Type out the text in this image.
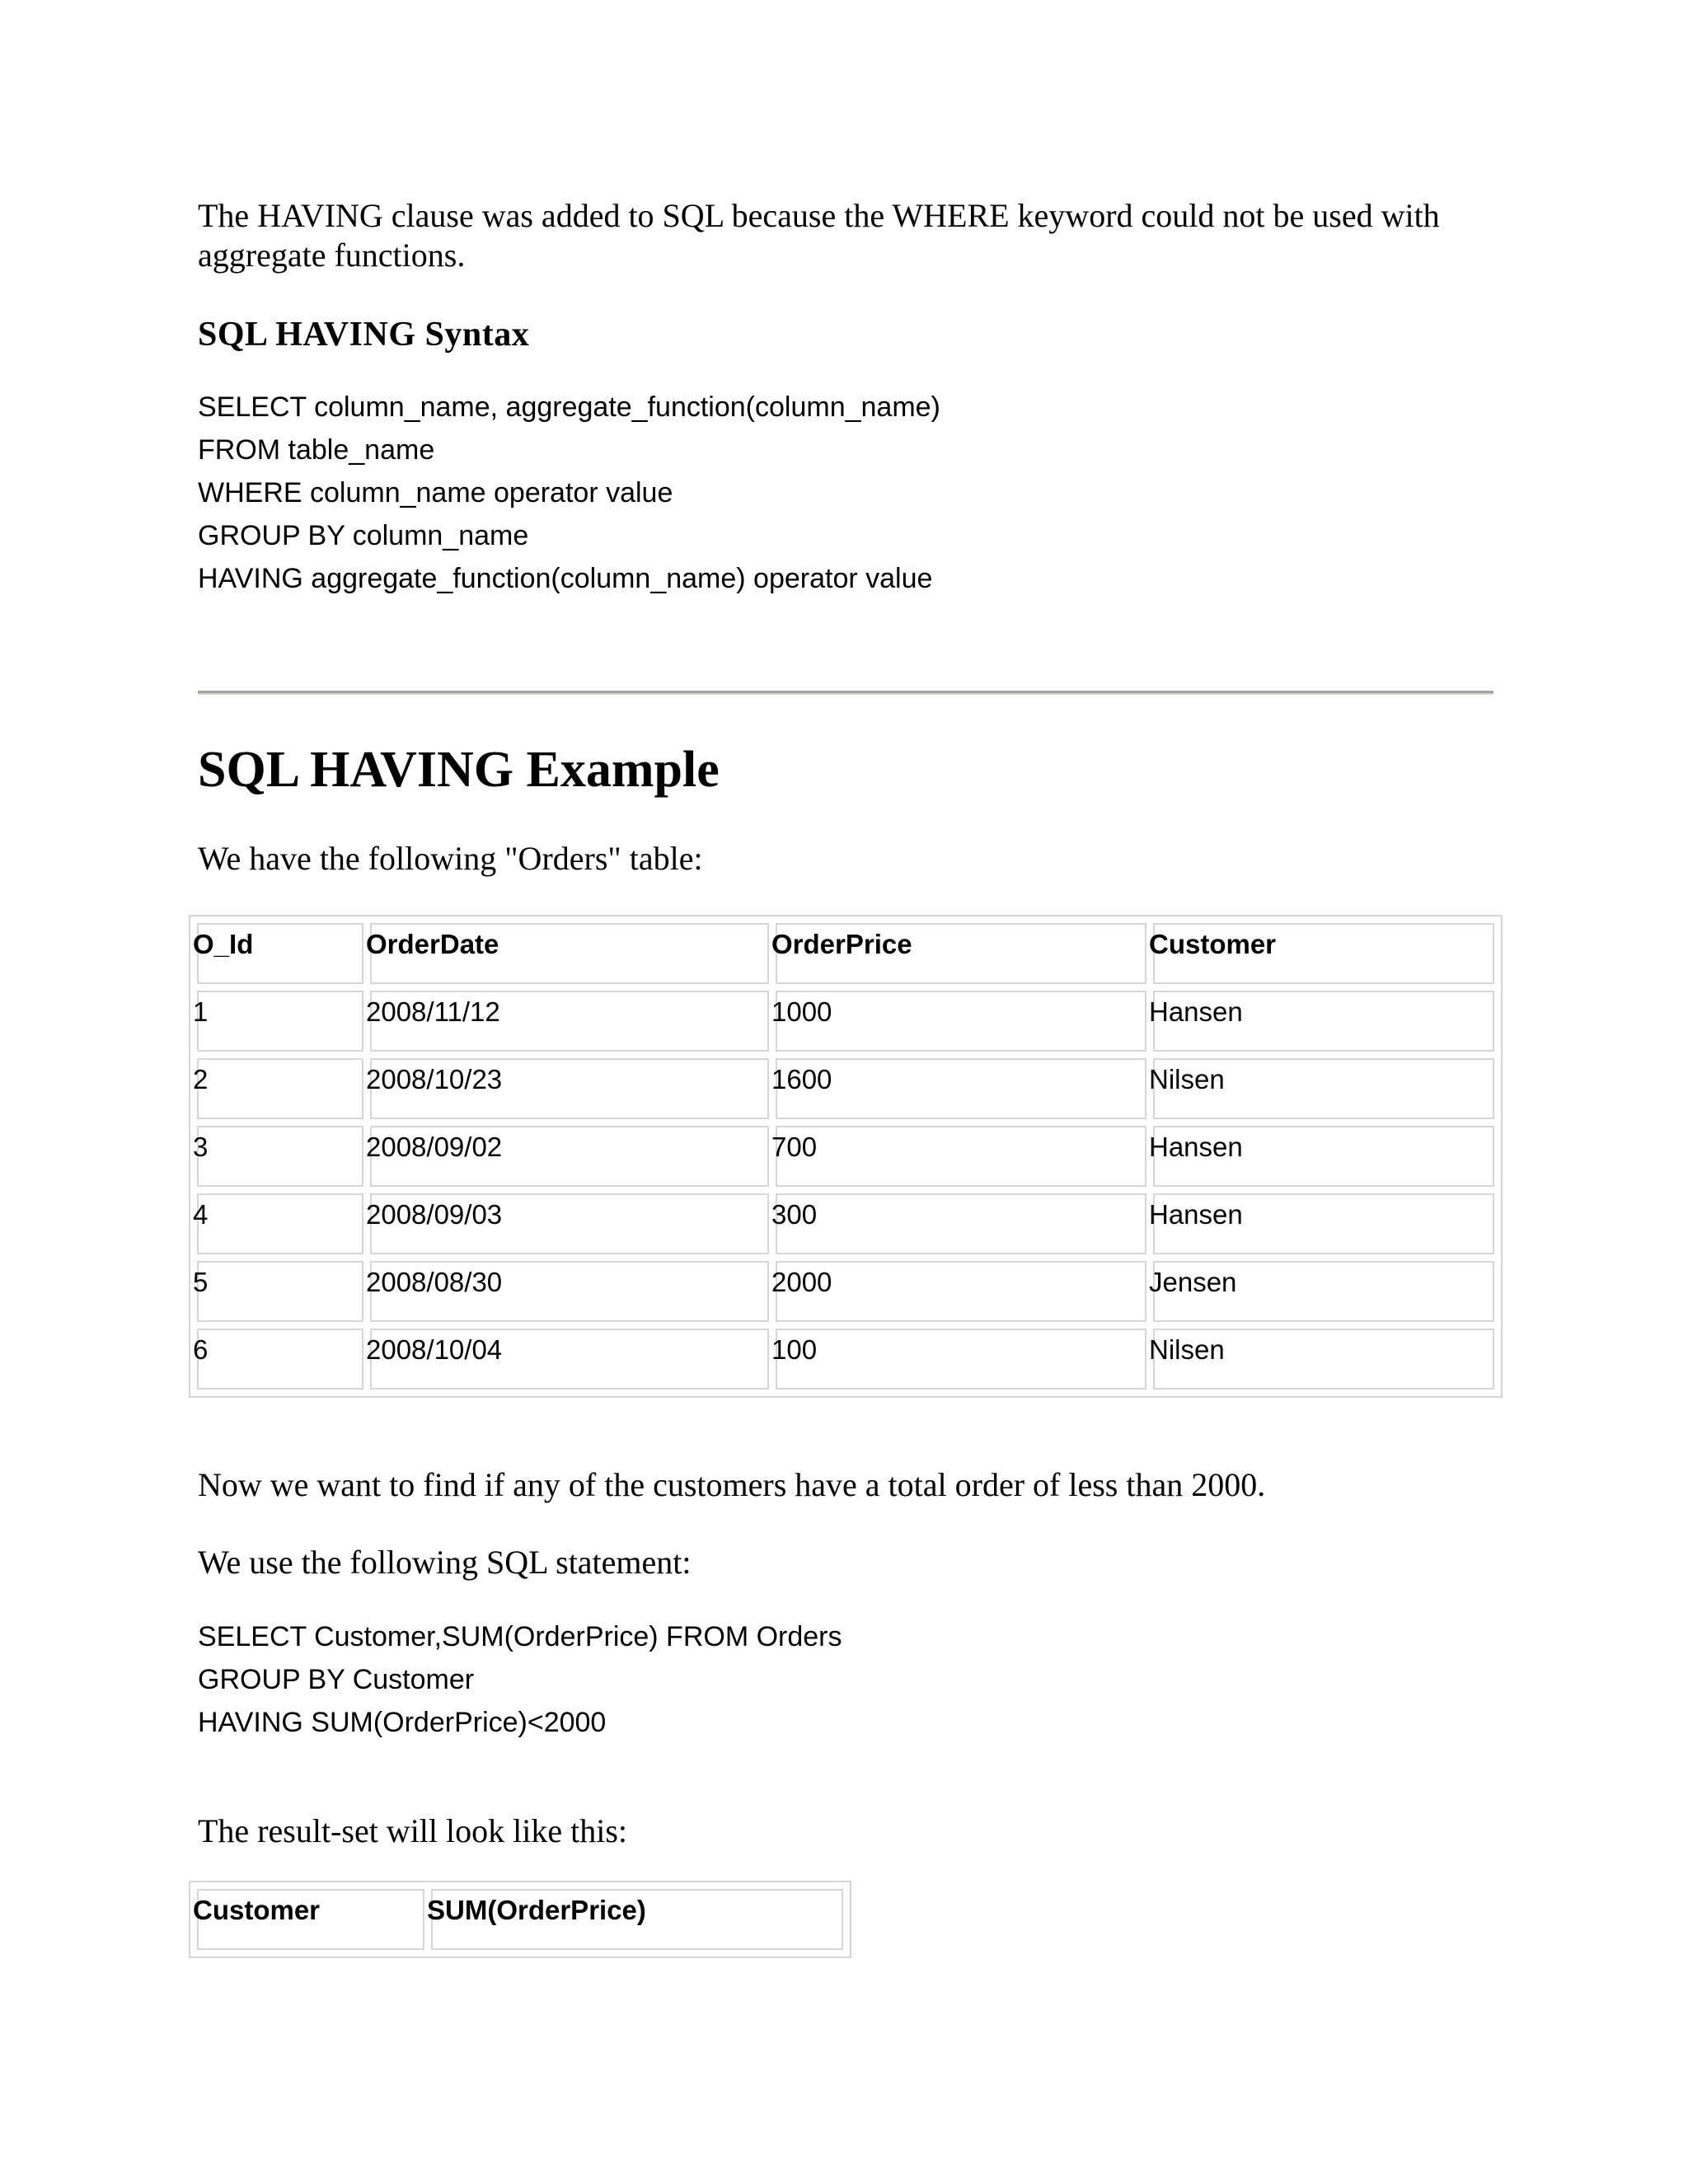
The HAVING clause was added to SQL because the WHERE keyword could not be used with aggregate functions.

SQL HAVING Syntax
SELECT column_name, aggregate_function(column_name)
FROM table_name
WHERE column_name operator value
GROUP BY column_name
HAVING aggregate_function(column_name) operator value
SQL HAVING Example

We have the following "Orders" table:

O_Id	OrderDate	OrderPrice	Customer

1	2008/11/12	1000	Hansen

2	2008/10/23	1600	Nilsen

3	2008/09/02	700	Hansen

4	2008/09/03	300	Hansen

5	2008/08/30	2000	Jensen

6	2008/10/04	100	Nilsen

Now we want to find if any of the customers have a total order of less than 2000.

We use the following SQL statement:

SELECT Customer,SUM(OrderPrice) FROM Orders
GROUP BY Customer
HAVING SUM(OrderPrice)<2000

The result-set will look like this:

Customer	SUM(OrderPrice)
